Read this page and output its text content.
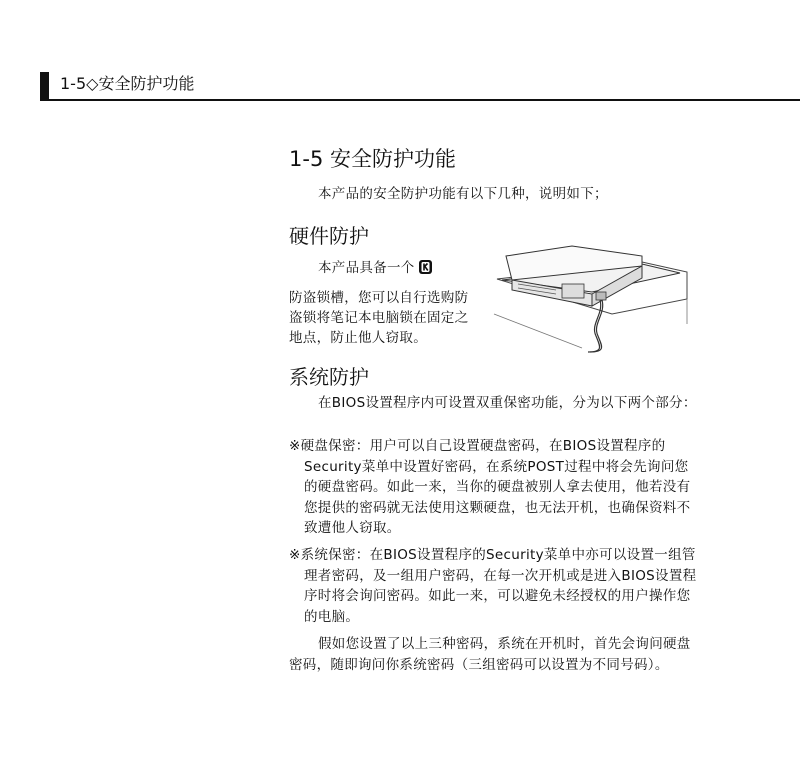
1-5◇安全防护功能
1-5 安全防护功能
本产品的安全防护功能有以下几种，说明如下；
硬件防护
本产品具备一个
防盗锁槽，您可以自行选购防盗锁将笔记本电脑锁在固定之地点，防止他人窃取。
系统防护
在BIOS设置程序内可设置双重保密功能，分为以下两个部分：
※硬盘保密：用户可以自己设置硬盘密码，在BIOS设置程序的Security菜单中设置好密码，在系统POST过程中将会先询问您的硬盘密码。如此一来，当你的硬盘被别人拿去使用，他若没有您提供的密码就无法使用这颗硬盘，也无法开机，也确保资料不致遭他人窃取。
※系统保密：在BIOS设置程序的Security菜单中亦可以设置一组管理者密码，及一组用户密码，在每一次开机或是进入BIOS设置程序时将会询问密码。如此一来，可以避免未经授权的用户操作您的电脑。
假如您设置了以上三种密码，系统在开机时，首先会询问硬盘密码，随即询问你系统密码（三组密码可以设置为不同号码）。
